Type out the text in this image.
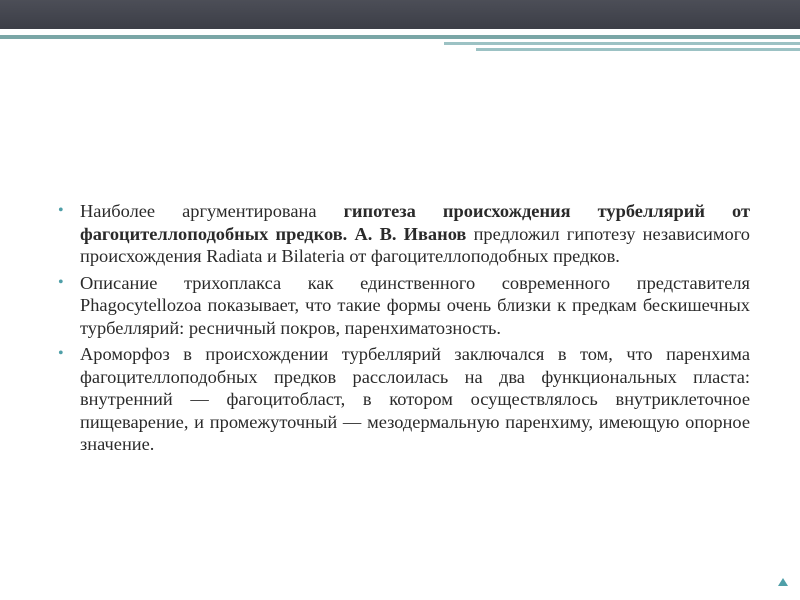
• Наиболее аргументирована гипотеза происхождения турбеллярий от фагоцителлоподобных предков. А. В. Иванов предложил гипотезу независимого происхождения Radiata и Bilateria от фагоцителлоподобных предков.
• Описание трихоплакса как единственного современного представителя Phagocytellozoa показывает, что такие формы очень близки к предкам бескишечных турбеллярий: ресничный покров, паренхиматозность.
• Ароморфоз в происхождении турбеллярий заключался в том, что паренхима фагоцителлоподобных предков расслоилась на два функциональных пласта: внутренний — фагоцитобласт, в котором осуществлялось внутриклеточное пищеварение, и промежуточный — мезодермальную паренхиму, имеющую опорное значение.
